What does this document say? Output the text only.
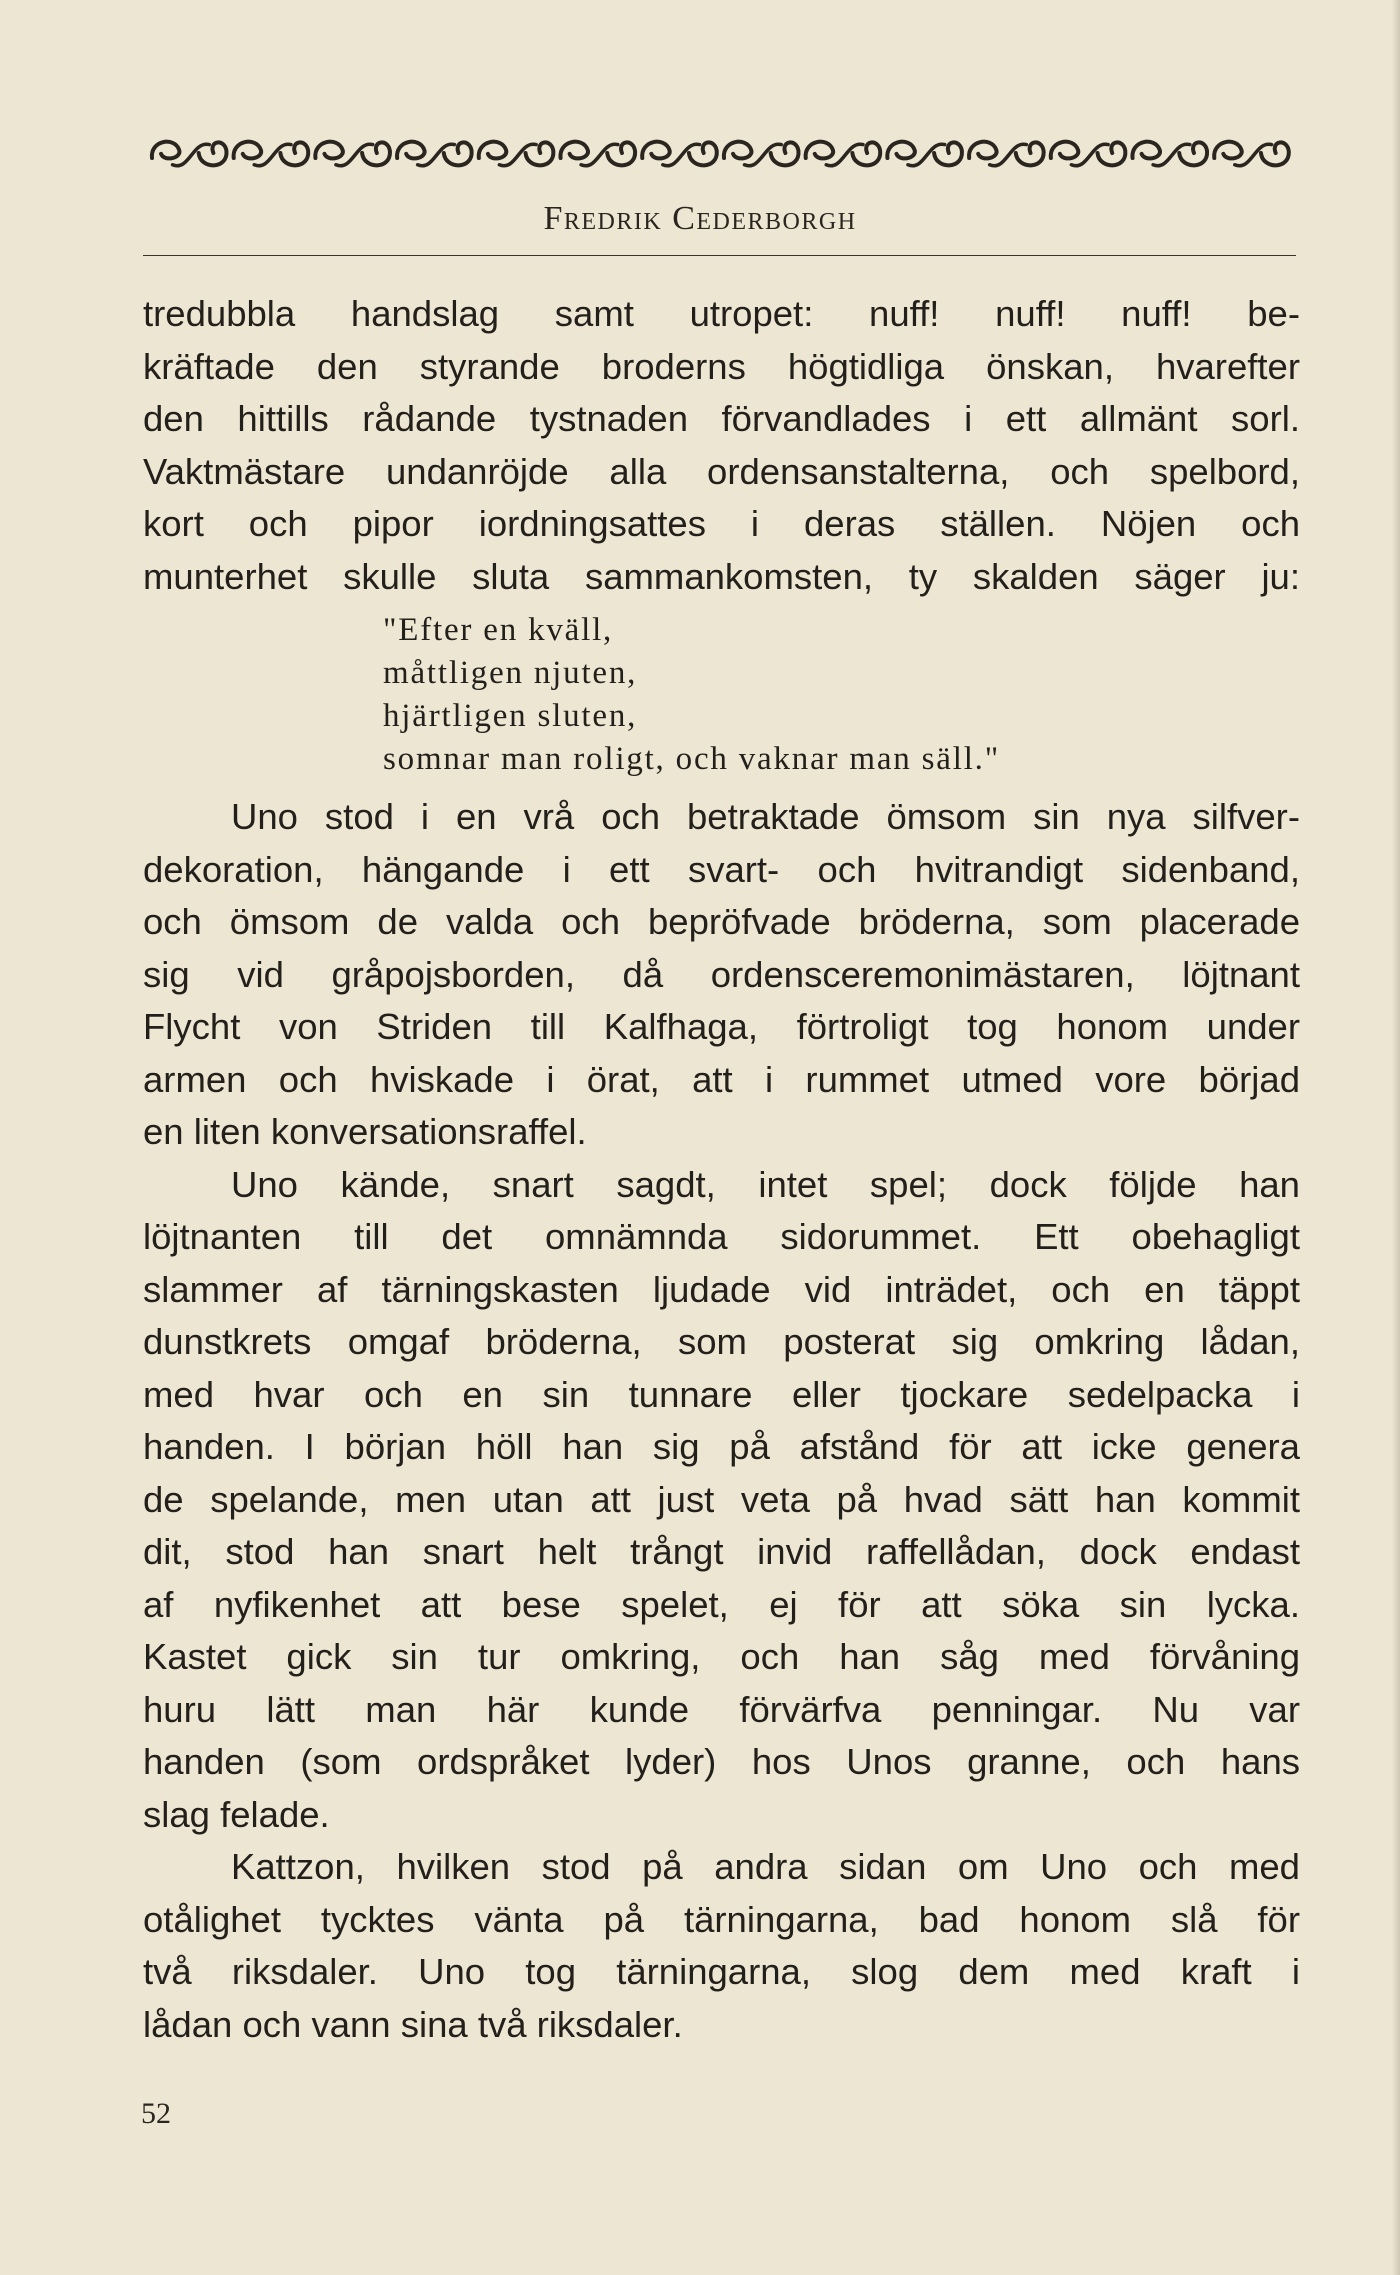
Fredrik Cederborgh
tredubbla handslag samt utropet: nuff! nuff! nuff! be-
kräftade den styrande broderns högtidliga önskan, hvarefter
den hittills rådande tystnaden förvandlades i ett allmänt sorl.
Vaktmästare undanröjde alla ordensanstalterna, och spelbord,
kort och pipor iordningsattes i deras ställen. Nöjen och
munterhet skulle sluta sammankomsten, ty skalden säger ju:
"Efter en kväll,
måttligen njuten,
hjärtligen sluten,
somnar man roligt, och vaknar man säll."
Uno stod i en vrå och betraktade ömsom sin nya silfver-
dekoration, hängande i ett svart- och hvitrandigt sidenband,
och ömsom de valda och bepröfvade bröderna, som placerade
sig vid gråpojsborden, då ordensceremonimästaren, löjtnant
Flycht von Striden till Kalfhaga, förtroligt tog honom under
armen och hviskade i örat, att i rummet utmed vore börjad
en liten konversationsraffel.
Uno kände, snart sagdt, intet spel; dock följde han
löjtnanten till det omnämnda sidorummet. Ett obehagligt
slammer af tärningskasten ljudade vid inträdet, och en täppt
dunstkrets omgaf bröderna, som posterat sig omkring lådan,
med hvar och en sin tunnare eller tjockare sedelpacka i
handen. I början höll han sig på afstånd för att icke genera
de spelande, men utan att just veta på hvad sätt han kommit
dit, stod han snart helt trångt invid raffellådan, dock endast
af nyfikenhet att bese spelet, ej för att söka sin lycka.
Kastet gick sin tur omkring, och han såg med förvåning
huru lätt man här kunde förvärfva penningar. Nu var
handen (som ordspråket lyder) hos Unos granne, och hans
slag felade.
Kattzon, hvilken stod på andra sidan om Uno och med
otålighet tycktes vänta på tärningarna, bad honom slå för
två riksdaler. Uno tog tärningarna, slog dem med kraft i
lådan och vann sina två riksdaler.
52
